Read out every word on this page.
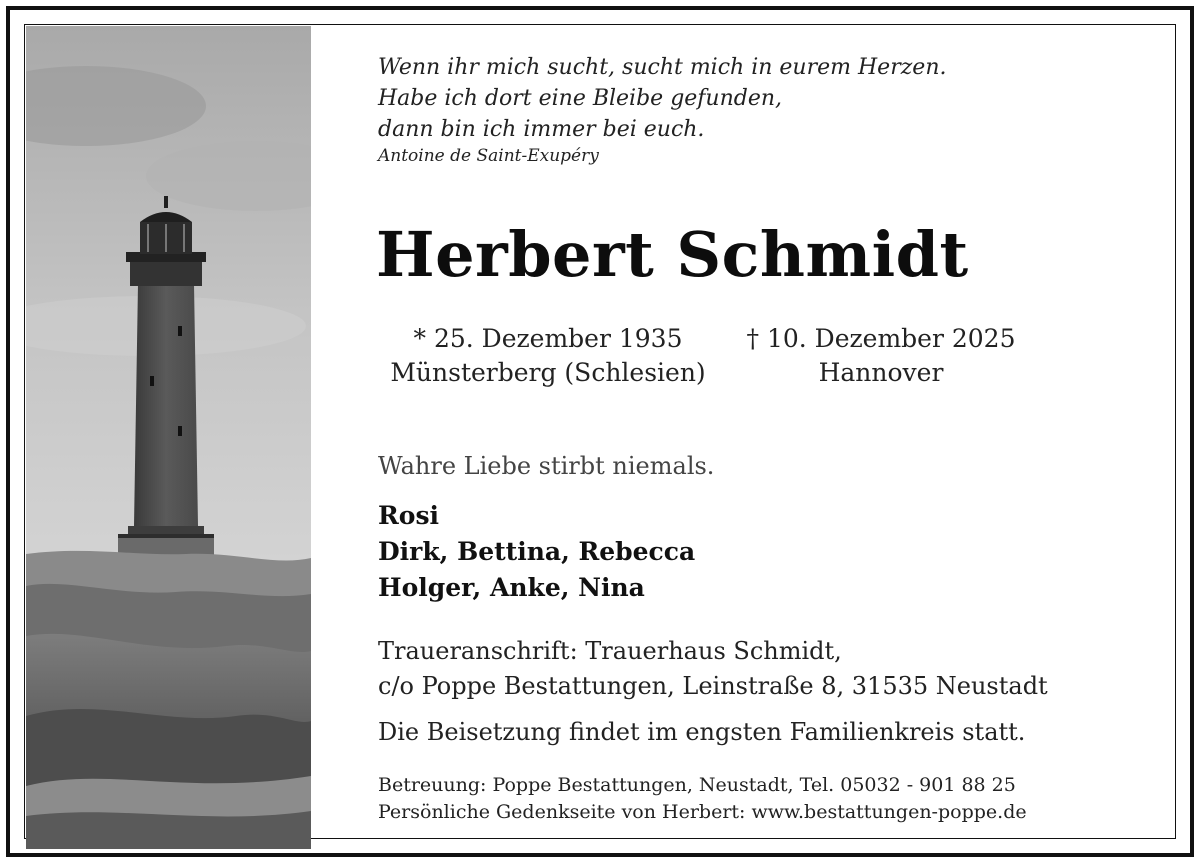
Wenn ihr mich sucht, sucht mich in eurem Herzen.
Habe ich dort eine Bleibe gefunden,
dann bin ich immer bei euch.
Antoine de Saint-Exupéry
Herbert Schmidt
* 25. Dezember 1935
Münsterberg (Schlesien)
† 10. Dezember 2025
Hannover
Wahre Liebe stirbt niemals.
Rosi
Dirk, Bettina, Rebecca
Holger, Anke, Nina
Traueranschrift: Trauerhaus Schmidt,
c/o Poppe Bestattungen, Leinstraße 8, 31535 Neustadt
Die Beisetzung findet im engsten Familienkreis statt.
Betreuung: Poppe Bestattungen, Neustadt, Tel. 05032 - 901 88 25
Persönliche Gedenkseite von Herbert: www.bestattungen-poppe.de
